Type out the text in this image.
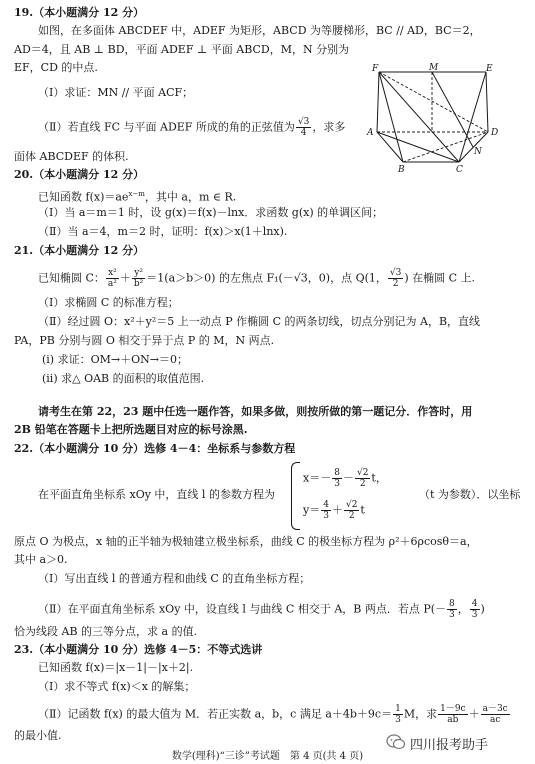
19.（本小题满分 12 分）
如图，在多面体 ABCDEF 中，ADEF 为矩形，ABCD 为等腰梯形，BC // AD，BC＝2，
AD＝4，且 AB ⊥ BD，平面 ADEF ⊥ 平面 ABCD，M，N 分别为
EF，CD 的中点.
（Ⅰ）求证：MN // 平面 ACF；
（Ⅱ）若直线 FC 与平面 ADEF 所成的角的正弦值为 $\frac{√3}{4}$ ，求多
面体 ABCDEF 的体积.
F	M	E
A	D
B	C
N
20.（本小题满分 12 分）
已知函数 $f(x)=ae^{x-m}$，其中 a，m ∈ R.
（Ⅰ）当 a＝m＝1 时，设 g(x)＝f(x)－lnx．求函数 g(x) 的单调区间；
（Ⅱ）当 a＝4，m＝2 时，证明：f(x)＞x(1＋lnx).
21.（本小题满分 12 分）
已知椭圆 C： $\frac{\text{x²}}{\text{a²}} + \frac{\text{y²}}{\text{b²}} =1(a>b>0)$ 的左焦点 F₁(－√3，0)，点 Q(1， $\frac{√3}{2}$ ) 在椭圆 C 上.
（Ⅰ）求椭圆 C 的标准方程；
（Ⅱ）经过圆 O：x²＋y²＝5 上一动点 P 作椭圆 C 的两条切线，切点分别记为 A，B，直线
PA，PB 分别与圆 O 相交于异于点 P 的 M，N 两点.
(i) 求证：OM→＋ON→＝0；
(ii) 求△ OAB 的面积的取值范围.
请考生在第 22，23 题中任选一题作答，如果多做，则按所做的第一题记分．作答时，用
2B 铅笔在答题卡上把所选题目对应的标号涂黑.
22.（本小题满分 10 分）选修 4－4：坐标系与参数方程
在平面直角坐标系 xOy 中，直线 l 的参数方程为
$x=- \frac{8}{3} - \frac{√2}{2}$ t，
$y= \frac{4}{3} + \frac{√2}{2}$ t
（t 为参数）．以坐标
原点 O 为极点，x 轴的正半轴为极轴建立极坐标系，曲线 C 的极坐标方程为 ρ²＋6ρcosθ＝a，
其中 a＞0.
（Ⅰ）写出直线 l 的普通方程和曲线 C 的直角坐标方程；
（Ⅱ）在平面直角坐标系 xOy 中，设直线 l 与曲线 C 相交于 A，B 两点．若点 $P(- \frac{8}{3}$ ， $\frac{4}{3}$ )
恰为线段 AB 的三等分点，求 a 的值.
23.（本小题满分 10 分）选修 4－5：不等式选讲
已知函数 f(x)＝|x－1|－|x＋2|.
（Ⅰ）求不等式 f(x)＜x 的解集；
（Ⅱ）记函数 f(x) 的最大值为 M．若正实数 a，b，c 满足 $a+4b+9c= \frac{1}{3}$ M，求 $\frac{1-9c}{ab} + \frac{a-3c}{ac}$
的最小值.
数学(理科)“三诊”考试题　第 4 页(共 4 页)
四川报考助手
